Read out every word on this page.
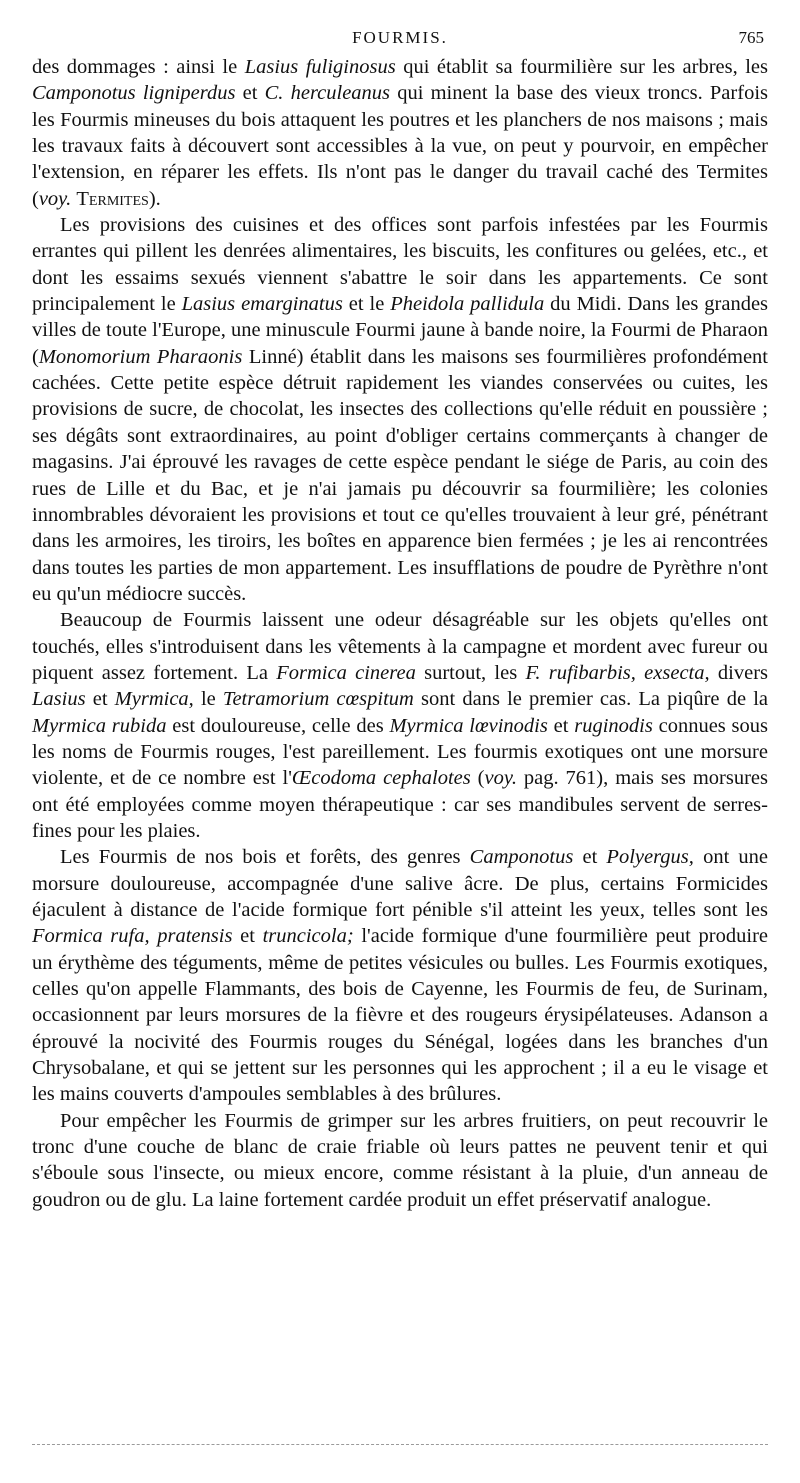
FOURMIS.	765

des dommages : ainsi le Lasius fuliginosus qui établit sa fourmilière sur les arbres, les Camponotus ligniperdus et C. herculeanus qui minent la base des vieux troncs. Parfois les Fourmis mineuses du bois attaquent les poutres et les planchers de nos maisons ; mais les travaux faits à découvert sont accessibles à la vue, on peut y pourvoir, en empêcher l'extension, en réparer les effets. Ils n'ont pas le danger du travail caché des Termites (voy. Termites).

Les provisions des cuisines et des offices sont parfois infestées par les Fourmis errantes qui pillent les denrées alimentaires, les biscuits, les confitures ou gelées, etc., et dont les essaims sexués viennent s'abattre le soir dans les appartements. Ce sont principalement le Lasius emarginatus et le Pheidola pallidula du Midi. Dans les grandes villes de toute l'Europe, une minuscule Fourmi jaune à bande noire, la Fourmi de Pharaon (Monomorium Pharaonis Linné) établit dans les maisons ses fourmilières profondément cachées. Cette petite espèce détruit rapidement les viandes conservées ou cuites, les provisions de sucre, de chocolat, les insectes des collections qu'elle réduit en poussière ; ses dégâts sont extraordinaires, au point d'obliger certains commerçants à changer de magasins. J'ai éprouvé les ravages de cette espèce pendant le siége de Paris, au coin des rues de Lille et du Bac, et je n'ai jamais pu découvrir sa fourmilière; les colonies innombrables dévoraient les provisions et tout ce qu'elles trouvaient à leur gré, pénétrant dans les armoires, les tiroirs, les boîtes en apparence bien fermées ; je les ai rencontrées dans toutes les parties de mon appartement. Les insufflations de poudre de Pyrèthre n'ont eu qu'un médiocre succès.

Beaucoup de Fourmis laissent une odeur désagréable sur les objets qu'elles ont touchés, elles s'introduisent dans les vêtements à la campagne et mordent avec fureur ou piquent assez fortement. La Formica cinerea surtout, les F. rufibarbis, exsecta, divers Lasius et Myrmica, le Tetramorium cœspitum sont dans le premier cas. La piqûre de la Myrmica rubida est douloureuse, celle des Myrmica lœvinodis et ruginodis connues sous les noms de Fourmis rouges, l'est pareillement. Les fourmis exotiques ont une morsure violente, et de ce nombre est l'Œcodoma cephalotes (voy. pag. 761), mais ses morsures ont été employées comme moyen thérapeutique : car ses mandibules servent de serres-fines pour les plaies.

Les Fourmis de nos bois et forêts, des genres Camponotus et Polyergus, ont une morsure douloureuse, accompagnée d'une salive âcre. De plus, certains Formicides éjaculent à distance de l'acide formique fort pénible s'il atteint les yeux, telles sont les Formica rufa, pratensis et truncicola; l'acide formique d'une fourmilière peut produire un érythème des téguments, même de petites vésicules ou bulles. Les Fourmis exotiques, celles qu'on appelle Flammants, des bois de Cayenne, les Fourmis de feu, de Surinam, occasionnent par leurs morsures de la fièvre et des rougeurs érysipélateuses. Adanson a éprouvé la nocivité des Fourmis rouges du Sénégal, logées dans les branches d'un Chrysobalane, et qui se jettent sur les personnes qui les approchent ; il a eu le visage et les mains couverts d'ampoules semblables à des brûlures.

Pour empêcher les Fourmis de grimper sur les arbres fruitiers, on peut recouvrir le tronc d'une couche de blanc de craie friable où leurs pattes ne peuvent tenir et qui s'éboule sous l'insecte, ou mieux encore, comme résistant à la pluie, d'un anneau de goudron ou de glu. La laine fortement cardée produit un effet préservatif analogue.
